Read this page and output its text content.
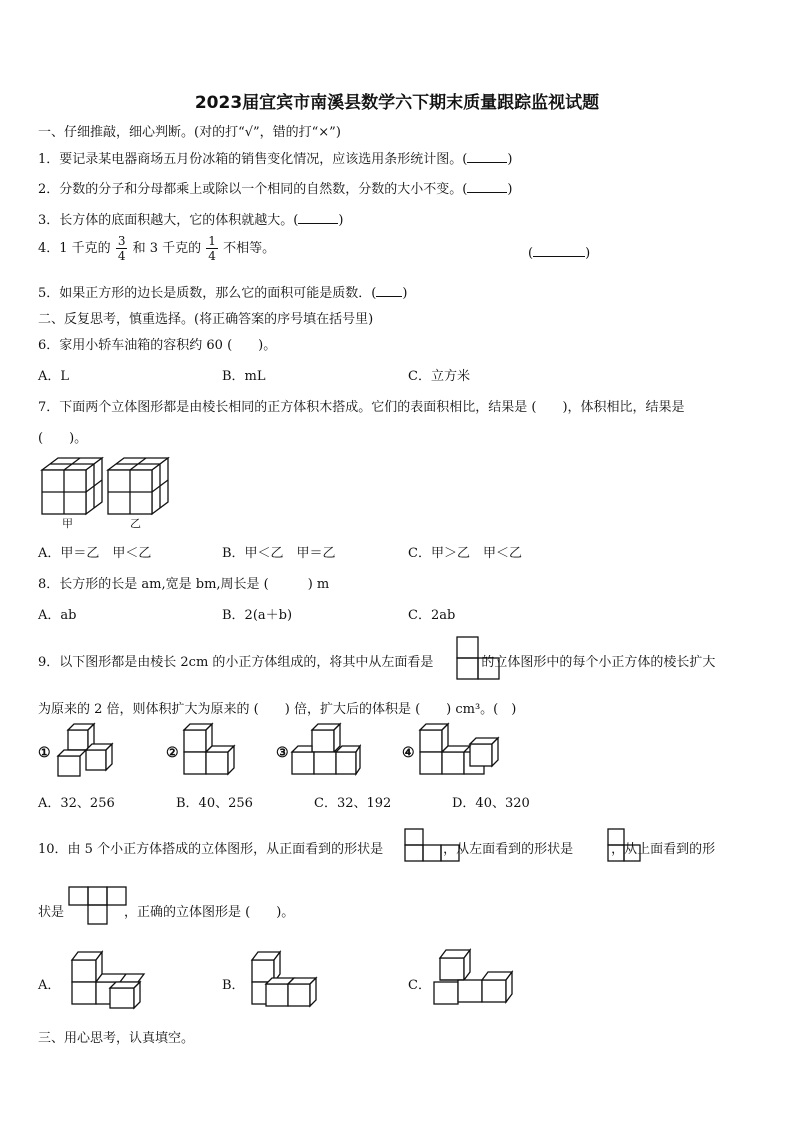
2023届宜宾市南溪县数学六下期末质量跟踪监视试题
一、仔细推敲，细心判断。(对的打“√”，错的打“×”)
1．要记录某电器商场五月份冰箱的销售变化情况，应该选用条形统计图。(	)
2．分数的分子和分母都乘上或除以一个相同的自然数，分数的大小不变。(	)
3．长方体的底面积越大，它的体积就越大。(	)
4．1 千克的 $\frac{3}{4}$ 和 3 千克的 $\frac{1}{4}$ 不相等。	(	)
5．如果正方形的边长是质数，那么它的面积可能是质数．( )
二、反复思考，慎重选择。(将正确答案的序号填在括号里)
6．家用小轿车油箱的容积约 60 (　　)。
A．L	B．mL	C．立方米
7．下面两个立体图形都是由棱长相同的正方体积木搭成。它们的表面积相比，结果是 (　　)，体积相比，结果是
(　　)。
甲	乙
A．甲＝乙　甲＜乙	B．甲＜乙　甲＝乙	C．甲＞乙　甲＜乙
8．长方形的长是 am,宽是 bm,周长是 (　　　) m
A．ab	B．2(a＋b)	C．2ab
9．以下图形都是由棱长 2cm 的小正方体组成的，将其中从左面看是	的立体图形中的每个小正方体的棱长扩大
为原来的 2 倍，则体积扩大为原来的 (　　) 倍，扩大后的体积是 (　　) cm³。(　)
①	②	③	④
A．32、256	B．40、256	C．32、192	D．40、320
10．由 5 个小正方体搭成的立体图形，从正面看到的形状是	，从左面看到的形状是	，从上面看到的形
状是	，正确的立体图形是 (　　)。
A．	B．	C．
三、用心思考，认真填空。
